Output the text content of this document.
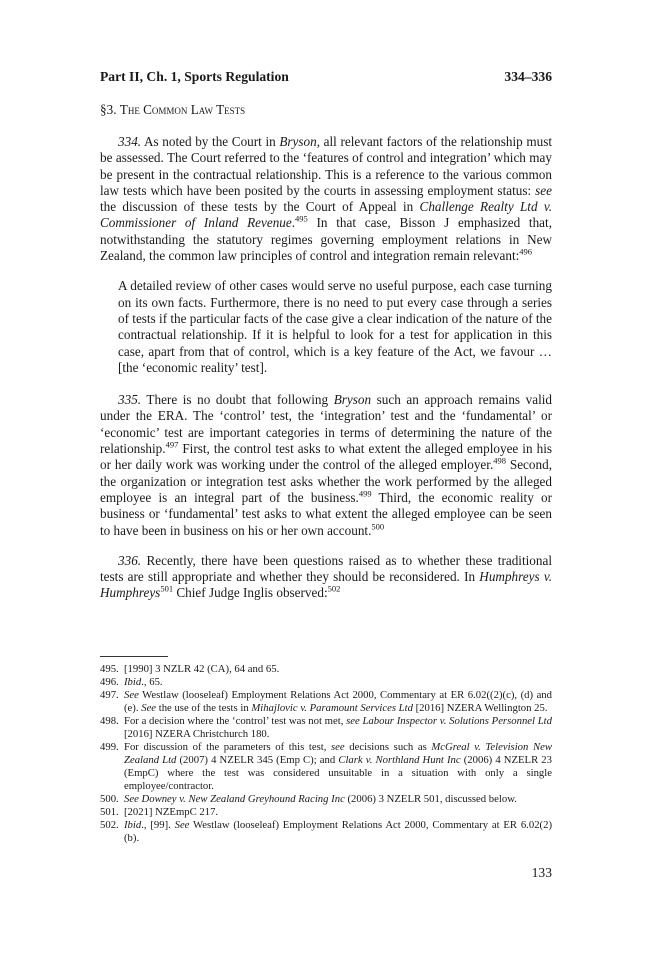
Part II, Ch. 1, Sports Regulation	334–336
§3. The Common Law Tests

334. As noted by the Court in Bryson, all relevant factors of the relationship must be assessed. The Court referred to the ‘features of control and integration’ which may be present in the contractual relationship. This is a reference to the various common law tests which have been posited by the courts in assessing employment status: see the discussion of these tests by the Court of Appeal in Challenge Realty Ltd v. Commissioner of Inland Revenue.$^{495}$ In that case, Bisson J emphasized that, notwithstanding the statutory regimes governing employment relations in New Zealand, the common law principles of control and integration remain relevant:$^{496}$

A detailed review of other cases would serve no useful purpose, each case turning on its own facts. Furthermore, there is no need to put every case through a series of tests if the particular facts of the case give a clear indication of the nature of the contractual relationship. If it is helpful to look for a test for application in this case, apart from that of control, which is a key feature of the Act, we favour … [the ‘economic reality’ test].

335. There is no doubt that following Bryson such an approach remains valid under the ERA. The ‘control’ test, the ‘integration’ test and the ‘fundamental’ or ‘economic’ test are important categories in terms of determining the nature of the relationship.$^{497}$ First, the control test asks to what extent the alleged employee in his or her daily work was working under the control of the alleged employer.$^{498}$ Second, the organization or integration test asks whether the work performed by the alleged employee is an integral part of the business.$^{499}$ Third, the economic reality or business or ‘fundamental’ test asks to what extent the alleged employee can be seen to have been in business on his or her own account.$^{500}$

336. Recently, there have been questions raised as to whether these traditional tests are still appropriate and whether they should be reconsidered. In Humphreys v. Humphreys$^{501}$ Chief Judge Inglis observed:$^{502}$

495. [1990] 3 NZLR 42 (CA), 64 and 65.
496. Ibid., 65.
497. See Westlaw (looseleaf) Employment Relations Act 2000, Commentary at ER 6.02((2)(c), (d) and (e). See the use of the tests in Mihajlovic v. Paramount Services Ltd [2016] NZERA Wellington 25.
498. For a decision where the ‘control’ test was not met, see Labour Inspector v. Solutions Personnel Ltd [2016] NZERA Christchurch 180.
499. For discussion of the parameters of this test, see decisions such as McGreal v. Television New Zealand Ltd (2007) 4 NZELR 345 (Emp C); and Clark v. Northland Hunt Inc (2006) 4 NZELR 23 (EmpC) where the test was considered unsuitable in a situation with only a single employee/contractor.
500. See Downey v. New Zealand Greyhound Racing Inc (2006) 3 NZELR 501, discussed below.
501. [2021] NZEmpC 217.
502. Ibid., [99]. See Westlaw (looseleaf) Employment Relations Act 2000, Commentary at ER 6.02(2)(b).
133
